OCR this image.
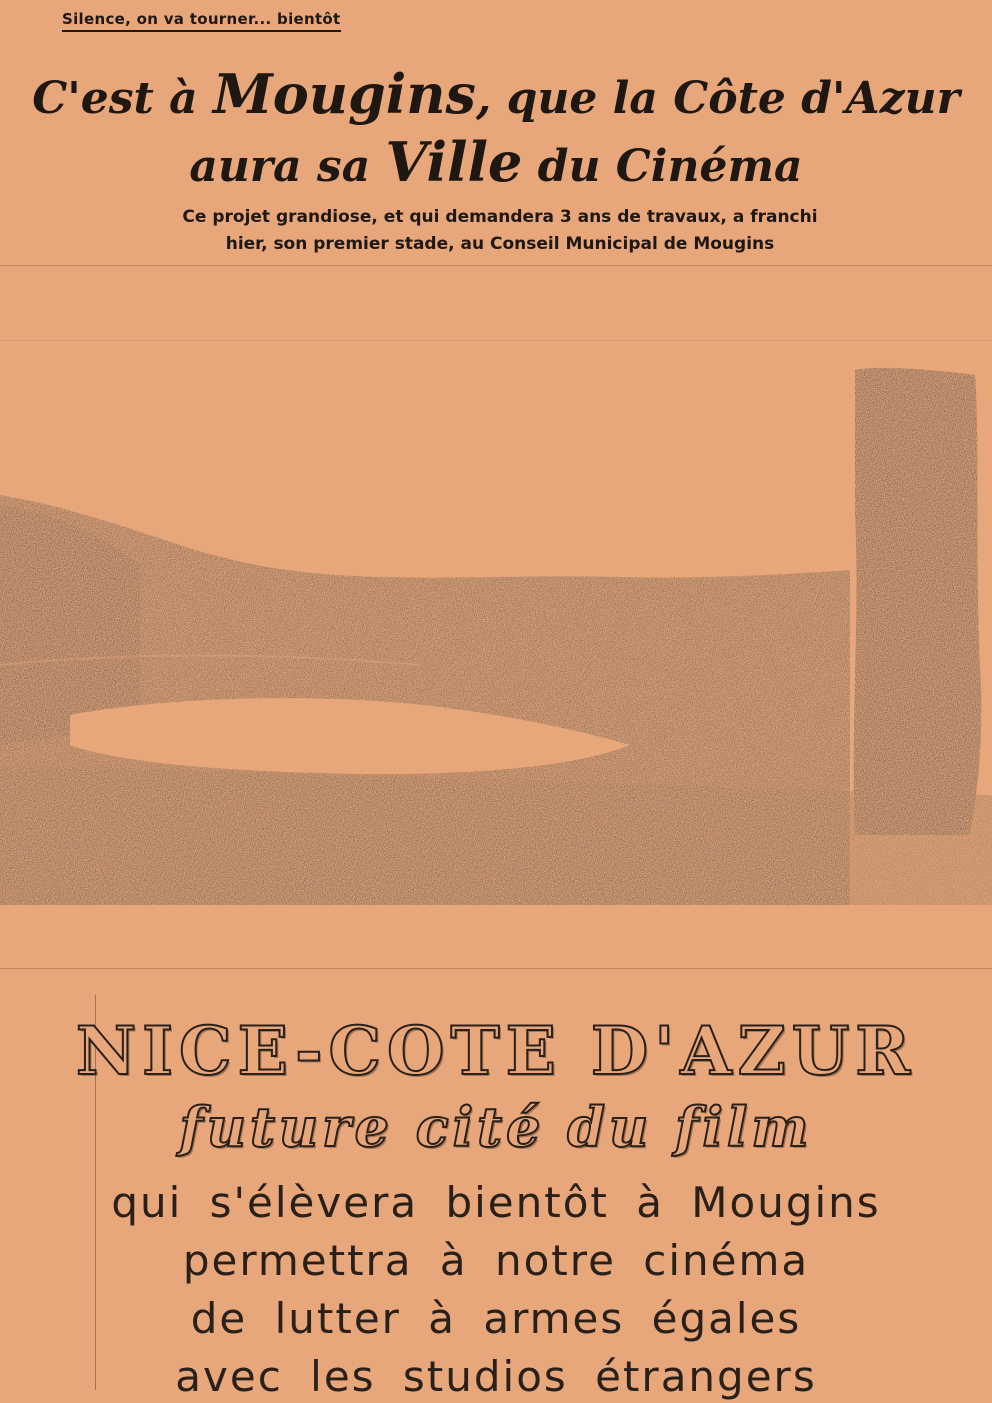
Silence, on va tourner... bientôt
C'est à Mougins, que la Côte d'Azur
aura sa Ville du Cinéma
Ce projet grandiose, et qui demandera 3 ans de travaux, a franchi
hier, son premier stade, au Conseil Municipal de Mougins
NICE-COTE D'AZUR
future cité du film
qui s'élèvera bientôt à Mougins
permettra à notre cinéma
de lutter à armes égales
avec les studios étrangers
